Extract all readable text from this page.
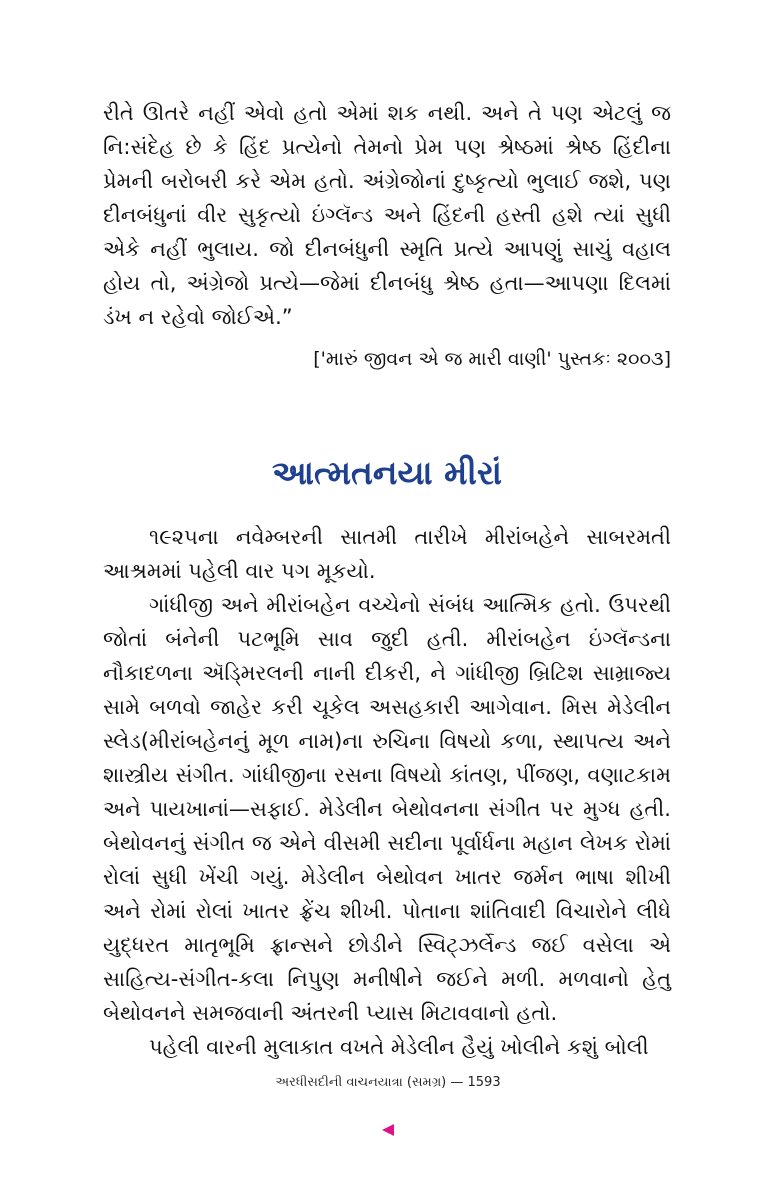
રીતે ઊતરે નહીં એવો હતો એમાં શક નથી. અને તે પણ એટલું જ નિ:સંદેહ છે કે હિંદ પ્રત્યેનો તેમનો પ્રેમ પણ શ્રેષ્ઠમાં શ્રેષ્ઠ હિંદીના પ્રેમની બરોબરી કરે એમ હતો. અંગ્રેજોનાં દુષ્કૃત્યો ભુલાઈ જશે, પણ દીનબંધુનાં વીર સુકૃત્યો ઇંગ્લૅન્ડ અને હિંદની હસ્તી હશે ત્યાં સુધી એકે નહીં ભુલાય. જો દીનબંધુની સ્મૃતિ પ્રત્યે આપણું સાચું વહાલ હોય તો, અંગ્રેજો પ્રત્યે—જેમાં દીનબંધુ શ્રેષ્ઠ હતા—આપણા દિલમાં ડંખ ન રહેવો જોઈએ.”

['મારું જીવન એ જ મારી વાણી' પુસ્તકઃ ૨૦૦૩]

આત્મતનયા મીરાં

૧૯૨૫ના નવેમ્બરની સાતમી તારીખે મીરાંબહેને સાબરમતી આશ્રમમાં પહેલી વાર પગ મૂકયો.

ગાંધીજી અને મીરાંબહેન વચ્ચેનો સંબંધ આત્મિક હતો. ઉપરથી જોતાં બંનેની પટભૂમિ સાવ જુદી હતી. મીરાંબહેન ઇંગ્લૅન્ડના નૌકાદળના ઍડ્મિરલની નાની દીકરી, ને ગાંધીજી બ્રિટિશ સામ્રાજ્ય સામે બળવો જાહેર કરી ચૂકેલ અસહકારી આગેવાન. મિસ મેડેલીન સ્લેડ(મીરાંબહેનનું મૂળ નામ)ના રુચિના વિષયો કળા, સ્થાપત્ય અને શાસ્ત્રીય સંગીત. ગાંધીજીના રસના વિષયો કાંતણ, પીંજણ, વણાટકામ અને પાયખાનાં—સફાઈ. મેડેલીન બેથોવનના સંગીત પર મુગ્ધ હતી. બેથોવનનું સંગીત જ એને વીસમી સદીના પૂર્વાર્ધના મહાન લેખક રોમાં રોલાં સુધી ખેંચી ગયું. મેડેલીન બેથોવન ખાતર જર્મન ભાષા શીખી અને રોમાં રોલાં ખાતર ફ્રેંચ શીખી. પોતાના શાંતિવાદી વિચારોને લીધે યુદ્ધરત માતૃભૂમિ ફ્રાન્સને છોડીને સ્વિટ્ઝર્લેન્ડ જઈ વસેલા એ સાહિત્ય-સંગીત-કલા નિપુણ મનીષીને જઈને મળી. મળવાનો હેતુ બેથોવનને સમજવાની અંતરની પ્યાસ મિટાવવાનો હતો.

પહેલી વારની મુલાકાત વખતે મેડેલીન હૈયું ખોલીને કશું બોલી

અરધીસદીની વાચનયાત્રા (સમગ્ર) — 1593
